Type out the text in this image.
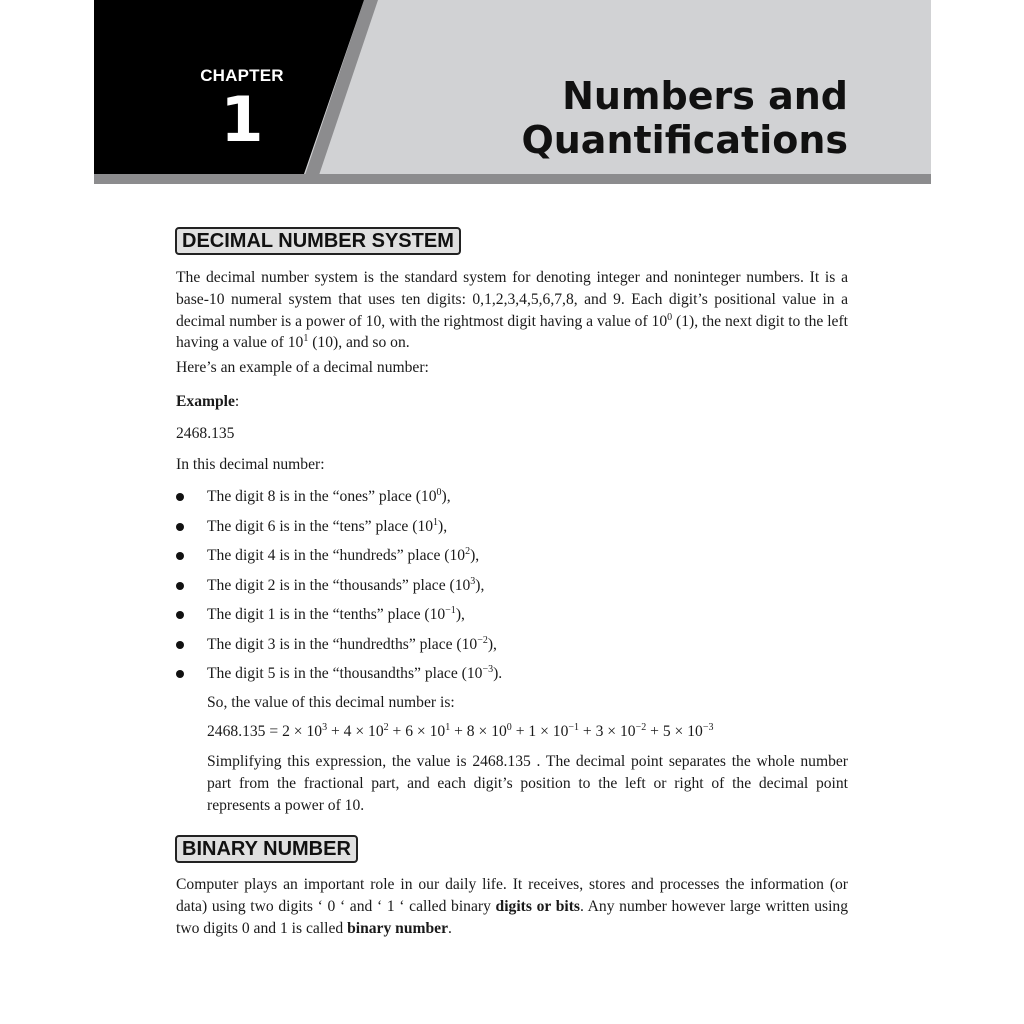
CHAPTER
1	Numbers and
Quantifications
DECIMAL NUMBER SYSTEM

The decimal number system is the standard system for denoting integer and noninteger numbers. It is a base-10 numeral system that uses ten digits: 0,1,2,3,4,5,6,7,8, and 9. Each digit’s positional value in a decimal number is a power of 10, with the rightmost digit having a value of $10^0$ (1), the next digit to the left having a value of $10^1$ (10), and so on.

Here’s an example of a decimal number:
Example:
2468.135
In this decimal number:
The digit 8 is in the “ones” place $(10^0)$,
The digit 6 is in the “tens” place $(10^1)$,
The digit 4 is in the “hundreds” place $(10^2)$,
The digit 2 is in the “thousands” place $(10^3)$,
The digit 1 is in the “tenths” place $(10^{-1})$,
The digit 3 is in the “hundredths” place $(10^{-2})$,
The digit 5 is in the “thousandths” place $(10^{-3})$.
So, the value of this decimal number is:
$2468.135 = 2 \times 10^3 + 4 \times 10^2 + 6 \times 10^1 + 8 \times 10^0 + 1 \times 10^{-1} + 3 \times 10^{-2} + 5 \times 10^{-3}$

Simplifying this expression, the value is 2468.135 . The decimal point separates the whole number part from the fractional part, and each digit’s position to the left or right of the decimal point represents a power of 10.

BINARY NUMBER

Computer plays an important role in our daily life. It receives, stores and processes the information (or data) using two digits ‘ 0 ‘ and ‘ 1 ‘ called binary digits or bits. Any number however large written using two digits 0 and 1 is called binary number.
